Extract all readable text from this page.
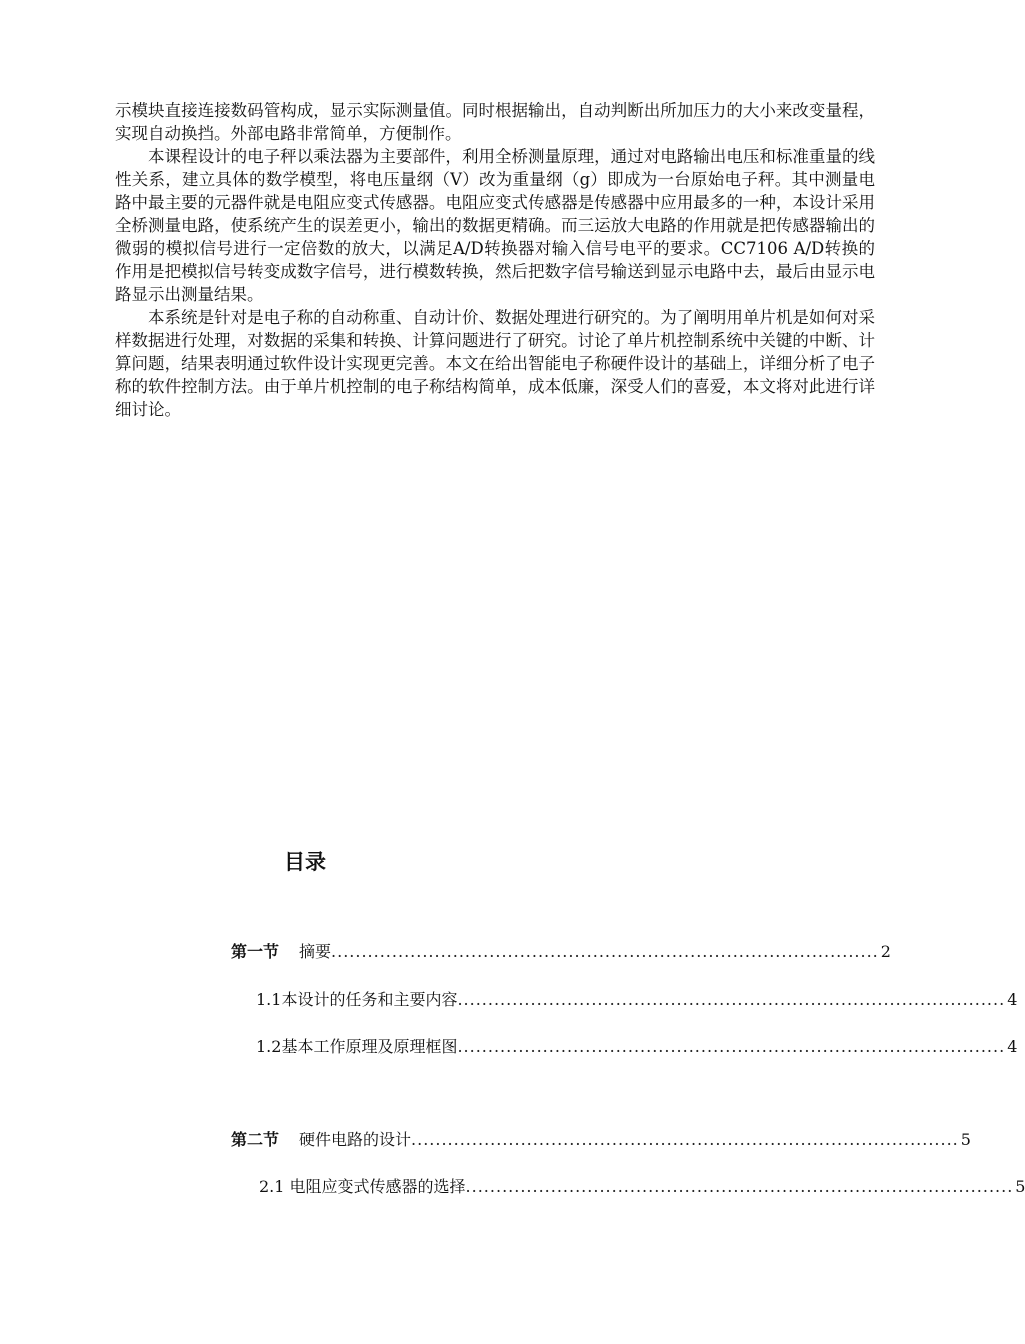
示模块直接连接数码管构成，显示实际测量值。同时根据输出，自动判断出所加压力的大小来改变量程，实现自动换挡。外部电路非常简单，方便制作。

本课程设计的电子秤以乘法器为主要部件，利用全桥测量原理，通过对电路输出电压和标准重量的线性关系，建立具体的数学模型，将电压量纲（V）改为重量纲（g）即成为一台原始电子秤。其中测量电路中最主要的元器件就是电阻应变式传感器。电阻应变式传感器是传感器中应用最多的一种，本设计采用全桥测量电路，使系统产生的误差更小，输出的数据更精确。而三运放大电路的作用就是把传感器输出的微弱的模拟信号进行一定倍数的放大，以满足A/D转换器对输入信号电平的要求。CC7106 A/D转换的作用是把模拟信号转变成数字信号，进行模数转换，然后把数字信号输送到显示电路中去，最后由显示电路显示出测量结果。

本系统是针对是电子称的自动称重、自动计价、数据处理进行研究的。为了阐明用单片机是如何对采样数据进行处理，对数据的采集和转换、计算问题进行了研究。讨论了单片机控制系统中关键的中断、计算问题，结果表明通过软件设计实现更完善。本文在给出智能电子称硬件设计的基础上，详细分析了电子称的软件控制方法。由于单片机控制的电子称结构简单，成本低廉，深受人们的喜爱，本文将对此进行详细讨论。

目录
第一节 摘要 .......................................................................................... 2
1.1本设计的任务和主要内容 .......................................................................................... 4
1.2基本工作原理及原理框图 .......................................................................................... 4
第二节 硬件电路的设计 .......................................................................................... 5
2.1 电阻应变式传感器的选择 .......................................................................................... 5
